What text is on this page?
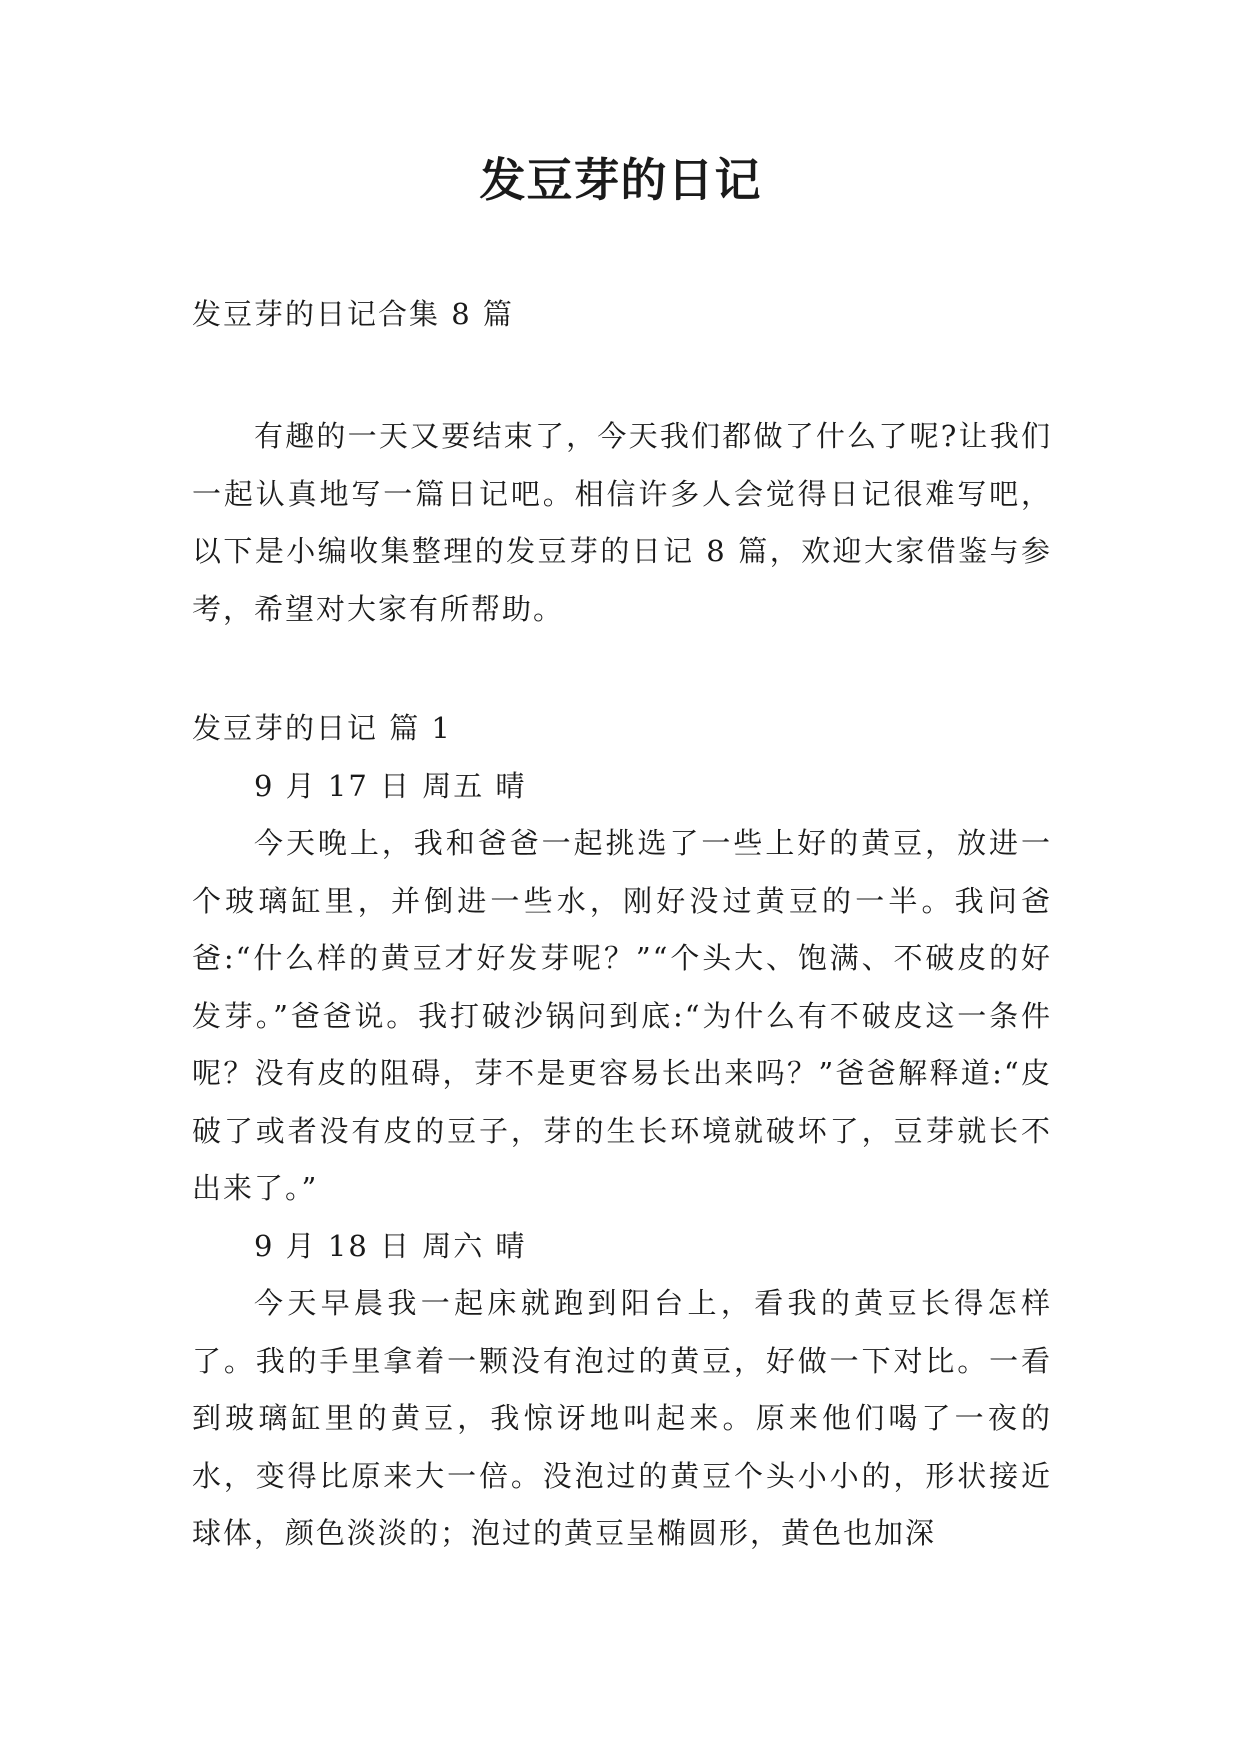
发豆芽的日记

发豆芽的日记合集 8 篇

有趣的一天又要结束了，今天我们都做了什么了呢?让我们一起认真地写一篇日记吧。相信许多人会觉得日记很难写吧，以下是小编收集整理的发豆芽的日记 8 篇，欢迎大家借鉴与参考，希望对大家有所帮助。

发豆芽的日记 篇 1

9 月 17 日 周五 晴

今天晚上，我和爸爸一起挑选了一些上好的黄豆，放进一个玻璃缸里，并倒进一些水，刚好没过黄豆的一半。我问爸爸:“什么样的黄豆才好发芽呢？”“个头大、饱满、不破皮的好发芽。”爸爸说。我打破沙锅问到底:“为什么有不破皮这一条件呢？没有皮的阻碍，芽不是更容易长出来吗？”爸爸解释道:“皮破了或者没有皮的豆子，芽的生长环境就破坏了，豆芽就长不出来了。”

9 月 18 日 周六 晴

今天早晨我一起床就跑到阳台上，看我的黄豆长得怎样了。我的手里拿着一颗没有泡过的黄豆，好做一下对比。一看到玻璃缸里的黄豆，我惊讶地叫起来。原来他们喝了一夜的水，变得比原来大一倍。没泡过的黄豆个头小小的，形状接近球体，颜色淡淡的；泡过的黄豆呈椭圆形，黄色也加深
